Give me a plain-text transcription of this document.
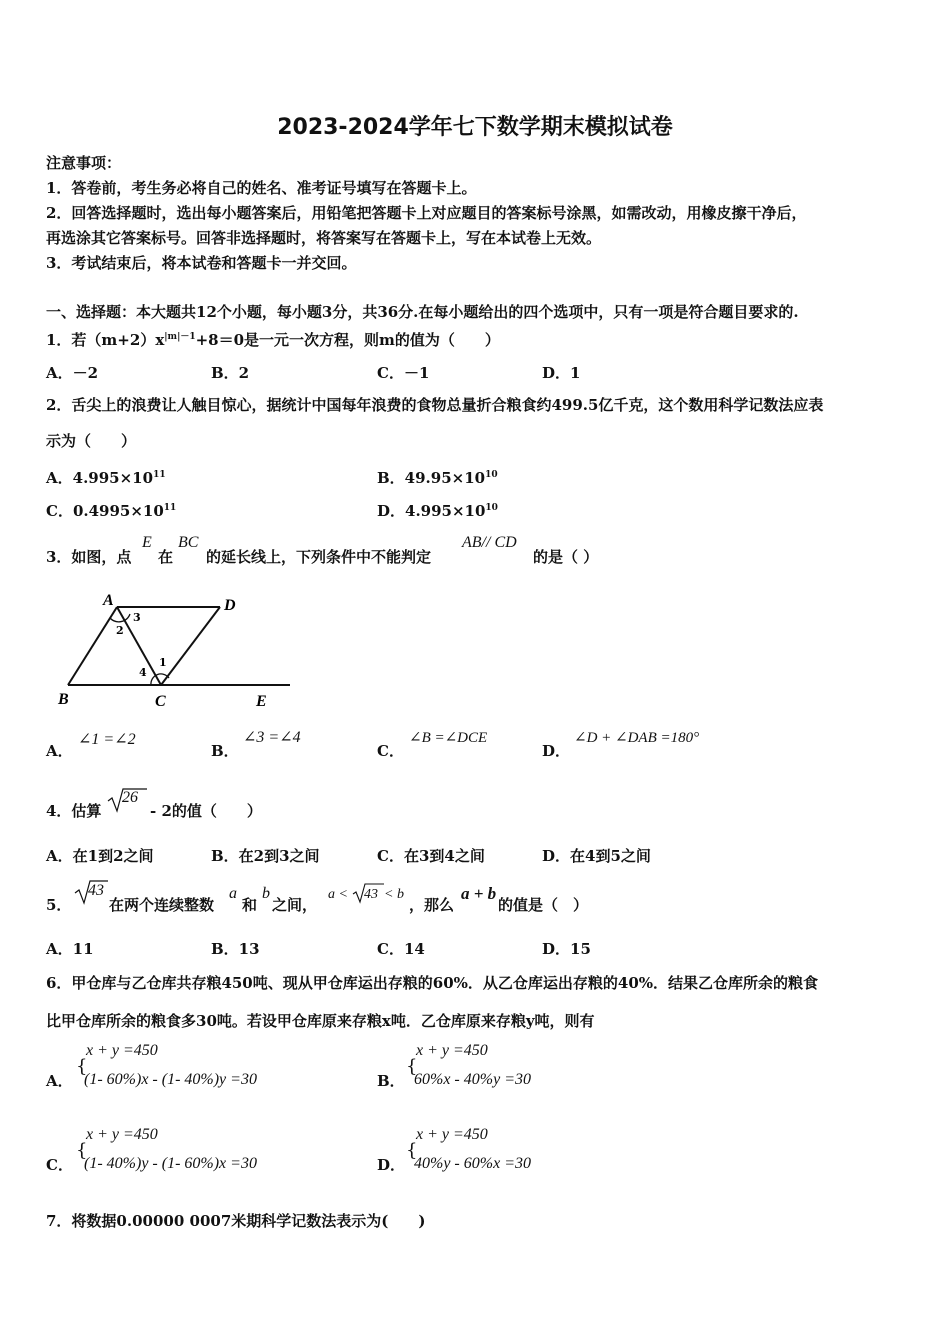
2023-2024学年七下数学期末模拟试卷
注意事项：
1．答卷前，考生务必将自己的姓名、准考证号填写在答题卡上。
2．回答选择题时，选出每小题答案后，用铅笔把答题卡上对应题目的答案标号涂黑，如需改动，用橡皮擦干净后，
再选涂其它答案标号。回答非选择题时，将答案写在答题卡上，写在本试卷上无效。
3．考试结束后，将本试卷和答题卡一并交回。
一、选择题：本大题共12个小题，每小题3分，共36分.在每小题给出的四个选项中，只有一项是符合题目要求的.
1．若$(m+2)x^{|m|-1}+8=0$是一元一次方程，则m的值为（　　）
A．－2	B．2	C．－1	D．1
2．舌尖上的浪费让人触目惊心，据统计中国每年浪费的食物总量折合粮食约499.5亿千克，这个数用科学记数法应表
示为（　　）
A．$4.995\times 10^{11}$	B．$49.95\times 10^{10}$
C．$0.4995\times 10^{11}$	D．$4.995\times 10^{10}$
3．如图，点
E
在
BC
的延长线上，下列条件中不能判定
AB// CD
的是（ ）
A	D
B	C	E
2
3
4
1
A．
∠1 =∠2
B．
∠3 =∠4
C．
∠B =∠DCE
D．
∠D + ∠DAB =180°
4．估算
26
- 2的值（　　）
A．在1到2之间	B．在2到3之间	C．在3到4之间	D．在4到5之间
5．
43
在两个连续整数
a
和
b
之间，
a < 43 < b
，那么
a + b
的值是（　）
A．11	B．13	C．14	D．15
6．甲仓库与乙仓库共存粮450吨、现从甲仓库运出存粮的60%．从乙仓库运出存粮的40%．结果乙仓库所余的粮食
比甲仓库所余的粮食多30吨。若设甲仓库原来存粮x吨．乙仓库原来存粮y吨，则有
A．
{
x + y =450
(1- 60%)x - (1- 40%)y =30	B．
{
x + y =450
60%x - 40%y =30
C．
{
x + y =450
(1- 40%)y - (1- 60%)x =30	D．
{
x + y =450
40%y - 60%x =30
7．将数据0.00000 0007米期科学记数法表示为(　　)
